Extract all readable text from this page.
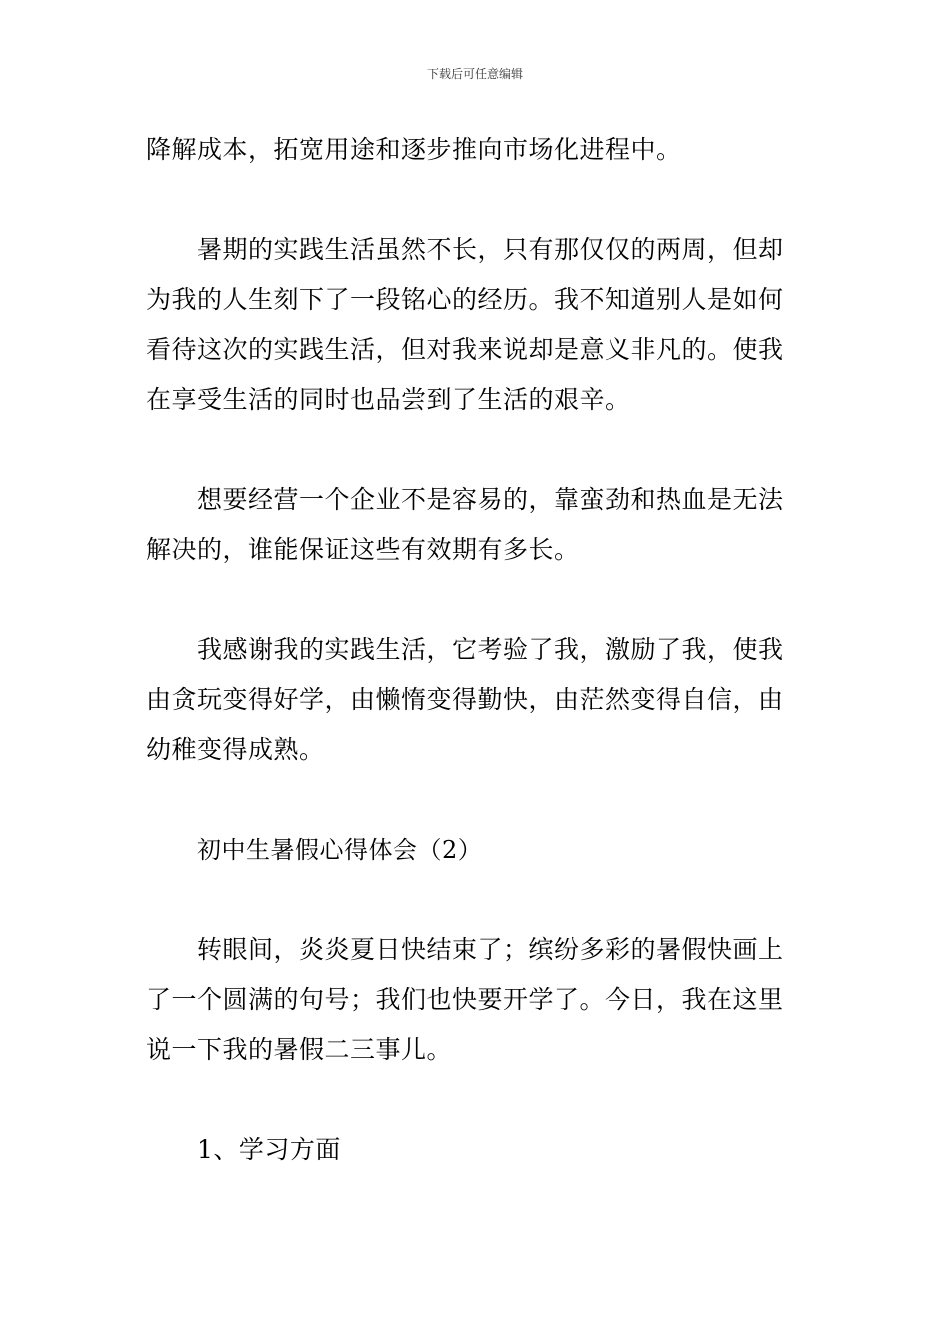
下载后可任意编辑

降解成本，拓宽用途和逐步推向市场化进程中。

暑期的实践生活虽然不长，只有那仅仅的两周，但却为我的人生刻下了一段铭心的经历。我不知道别人是如何看待这次的实践生活，但对我来说却是意义非凡的。使我在享受生活的同时也品尝到了生活的艰辛。

想要经营一个企业不是容易的，靠蛮劲和热血是无法解决的，谁能保证这些有效期有多长。

我感谢我的实践生活，它考验了我，激励了我，使我由贪玩变得好学，由懒惰变得勤快，由茫然变得自信，由幼稚变得成熟。

初中生暑假心得体会（2）

转眼间，炎炎夏日快结束了；缤纷多彩的暑假快画上了一个圆满的句号；我们也快要开学了。今日，我在这里说一下我的暑假二三事儿。

1、学习方面
